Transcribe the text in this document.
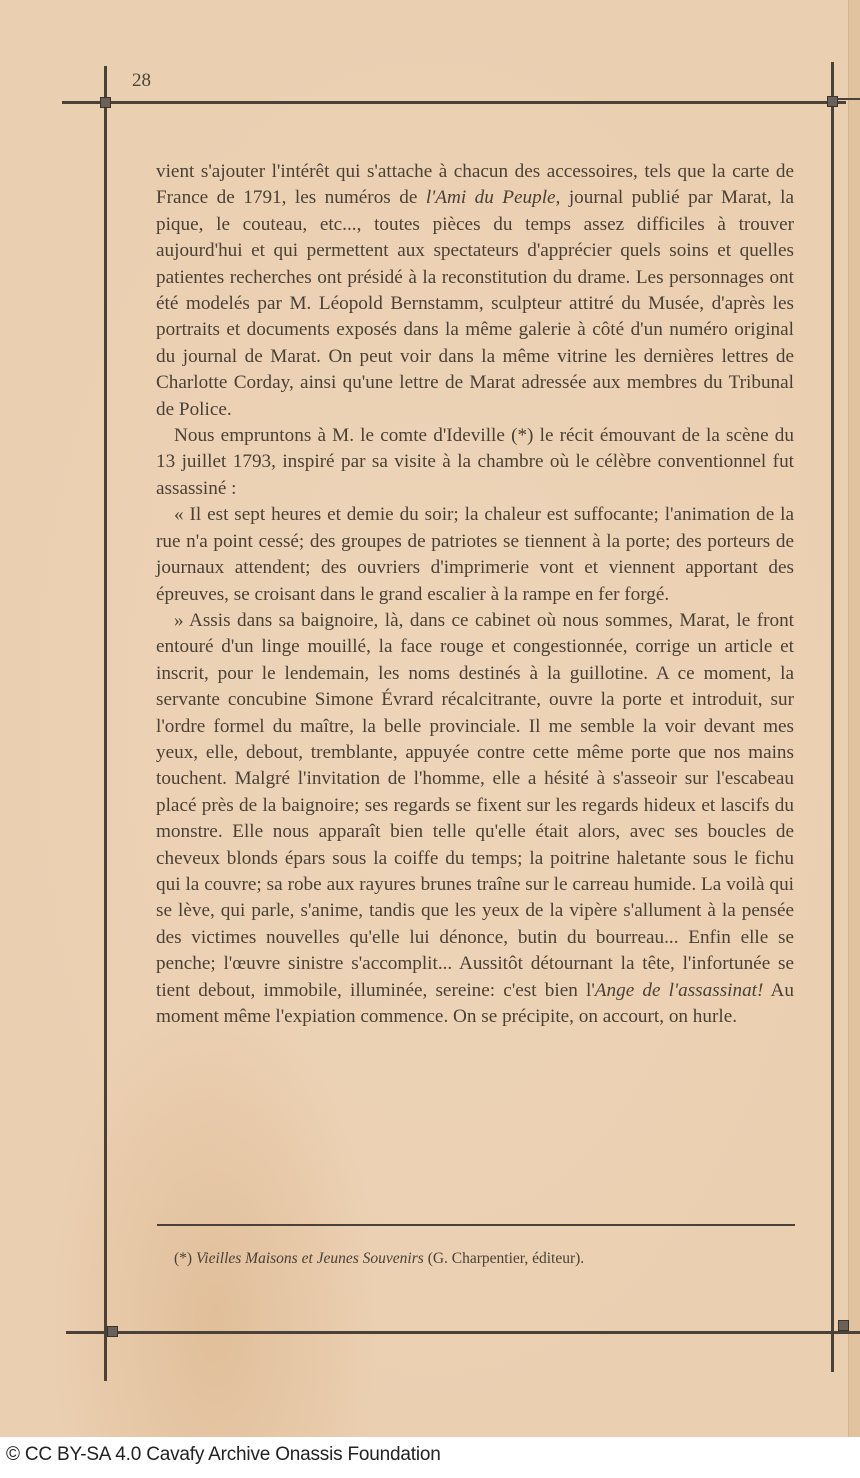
28

vient s'ajouter l'intérêt qui s'attache à chacun des accessoires, tels que la carte de France de 1791, les numéros de l'Ami du Peuple, journal publié par Marat, la pique, le couteau, etc..., toutes pièces du temps assez difficiles à trouver aujourd'hui et qui permettent aux spectateurs d'apprécier quels soins et quelles patientes recherches ont présidé à la reconstitution du drame. Les personnages ont été modelés par M. Léopold Bernstamm, sculpteur attitré du Musée, d'après les portraits et documents exposés dans la même galerie à côté d'un numéro original du journal de Marat. On peut voir dans la même vitrine les dernières lettres de Charlotte Corday, ainsi qu'une lettre de Marat adressée aux membres du Tribunal de Police.

Nous empruntons à M. le comte d'Ideville (*) le récit émouvant de la scène du 13 juillet 1793, inspiré par sa visite à la chambre où le célèbre conventionnel fut assassiné :

« Il est sept heures et demie du soir; la chaleur est suffocante; l'animation de la rue n'a point cessé; des groupes de patriotes se tiennent à la porte; des porteurs de journaux attendent; des ouvriers d'imprimerie vont et viennent apportant des épreuves, se croisant dans le grand escalier à la rampe en fer forgé.

» Assis dans sa baignoire, là, dans ce cabinet où nous sommes, Marat, le front entouré d'un linge mouillé, la face rouge et congestionnée, corrige un article et inscrit, pour le lendemain, les noms destinés à la guillotine. A ce moment, la servante concubine Simone Évrard récalcitrante, ouvre la porte et introduit, sur l'ordre formel du maître, la belle provinciale. Il me semble la voir devant mes yeux, elle, debout, tremblante, appuyée contre cette même porte que nos mains touchent. Malgré l'invitation de l'homme, elle a hésité à s'asseoir sur l'escabeau placé près de la baignoire; ses regards se fixent sur les regards hideux et lascifs du monstre. Elle nous apparaît bien telle qu'elle était alors, avec ses boucles de cheveux blonds épars sous la coiffe du temps; la poitrine haletante sous le fichu qui la couvre; sa robe aux rayures brunes traîne sur le carreau humide. La voilà qui se lève, qui parle, s'anime, tandis que les yeux de la vipère s'allument à la pensée des victimes nouvelles qu'elle lui dénonce, butin du bourreau... Enfin elle se penche; l'œuvre sinistre s'accomplit... Aussitôt détournant la tête, l'infortunée se tient debout, immobile, illuminée, sereine: c'est bien l'Ange de l'assassinat! Au moment même l'expiation commence. On se précipite, on accourt, on hurle.

(*) Vieilles Maisons et Jeunes Souvenirs (G. Charpentier, éditeur).
© CC BY-SA 4.0 Cavafy Archive Onassis Foundation
